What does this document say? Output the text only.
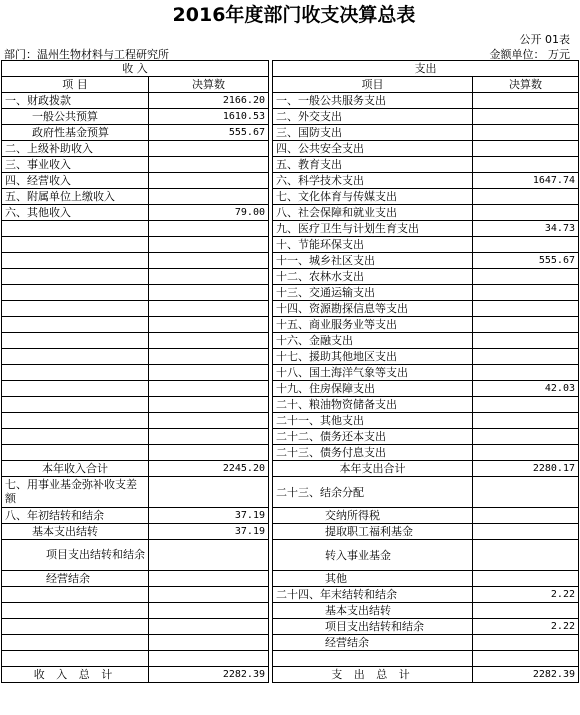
2016年度部门收支决算总表
公开 01表
部门：温州生物材料与工程研究所	金额单位： 万元
收 入			支出	
项 目	决算数		项目	决算数
一、财政拨款	2166.20		一、一般公共服务支出	
一般公共预算	1610.53		二、外交支出	
政府性基金预算	555.67		三、国防支出	
二、上级补助收入			四、公共安全支出	
三、事业收入			五、教育支出	
四、经营收入			六、科学技术支出	1647.74
五、附属单位上缴收入			七、文化体育与传媒支出	
六、其他收入	79.00		八、社会保障和就业支出	
			九、医疗卫生与计划生育支出	34.73
			十、节能环保支出	
			十一、城乡社区支出	555.67
			十二、农林水支出	
			十三、交通运输支出	
			十四、资源勘探信息等支出	
			十五、商业服务业等支出	
			十六、金融支出	
			十七、援助其他地区支出	
			十八、国土海洋气象等支出	
			十九、住房保障支出	42.03
			二十、粮油物资储备支出	
			二十一、其他支出	
			二十二、债务还本支出	
			二十三、债务付息支出	
本年收入合计	2245.20		本年支出合计	2280.17
七、用事业基金弥补收支差额			二十三、结余分配	
八、年初结转和结余	37.19		交纳所得税	
基本支出结转	37.19		提取职工福利基金	
项目支出结转和结余			转入事业基金	
经营结余			其他	
			二十四、年末结转和结余	2.22
			基本支出结转	
			项目支出结转和结余	2.22
			经营结余	

收 入 总 计	2282.39		支 出 总 计	2282.39
